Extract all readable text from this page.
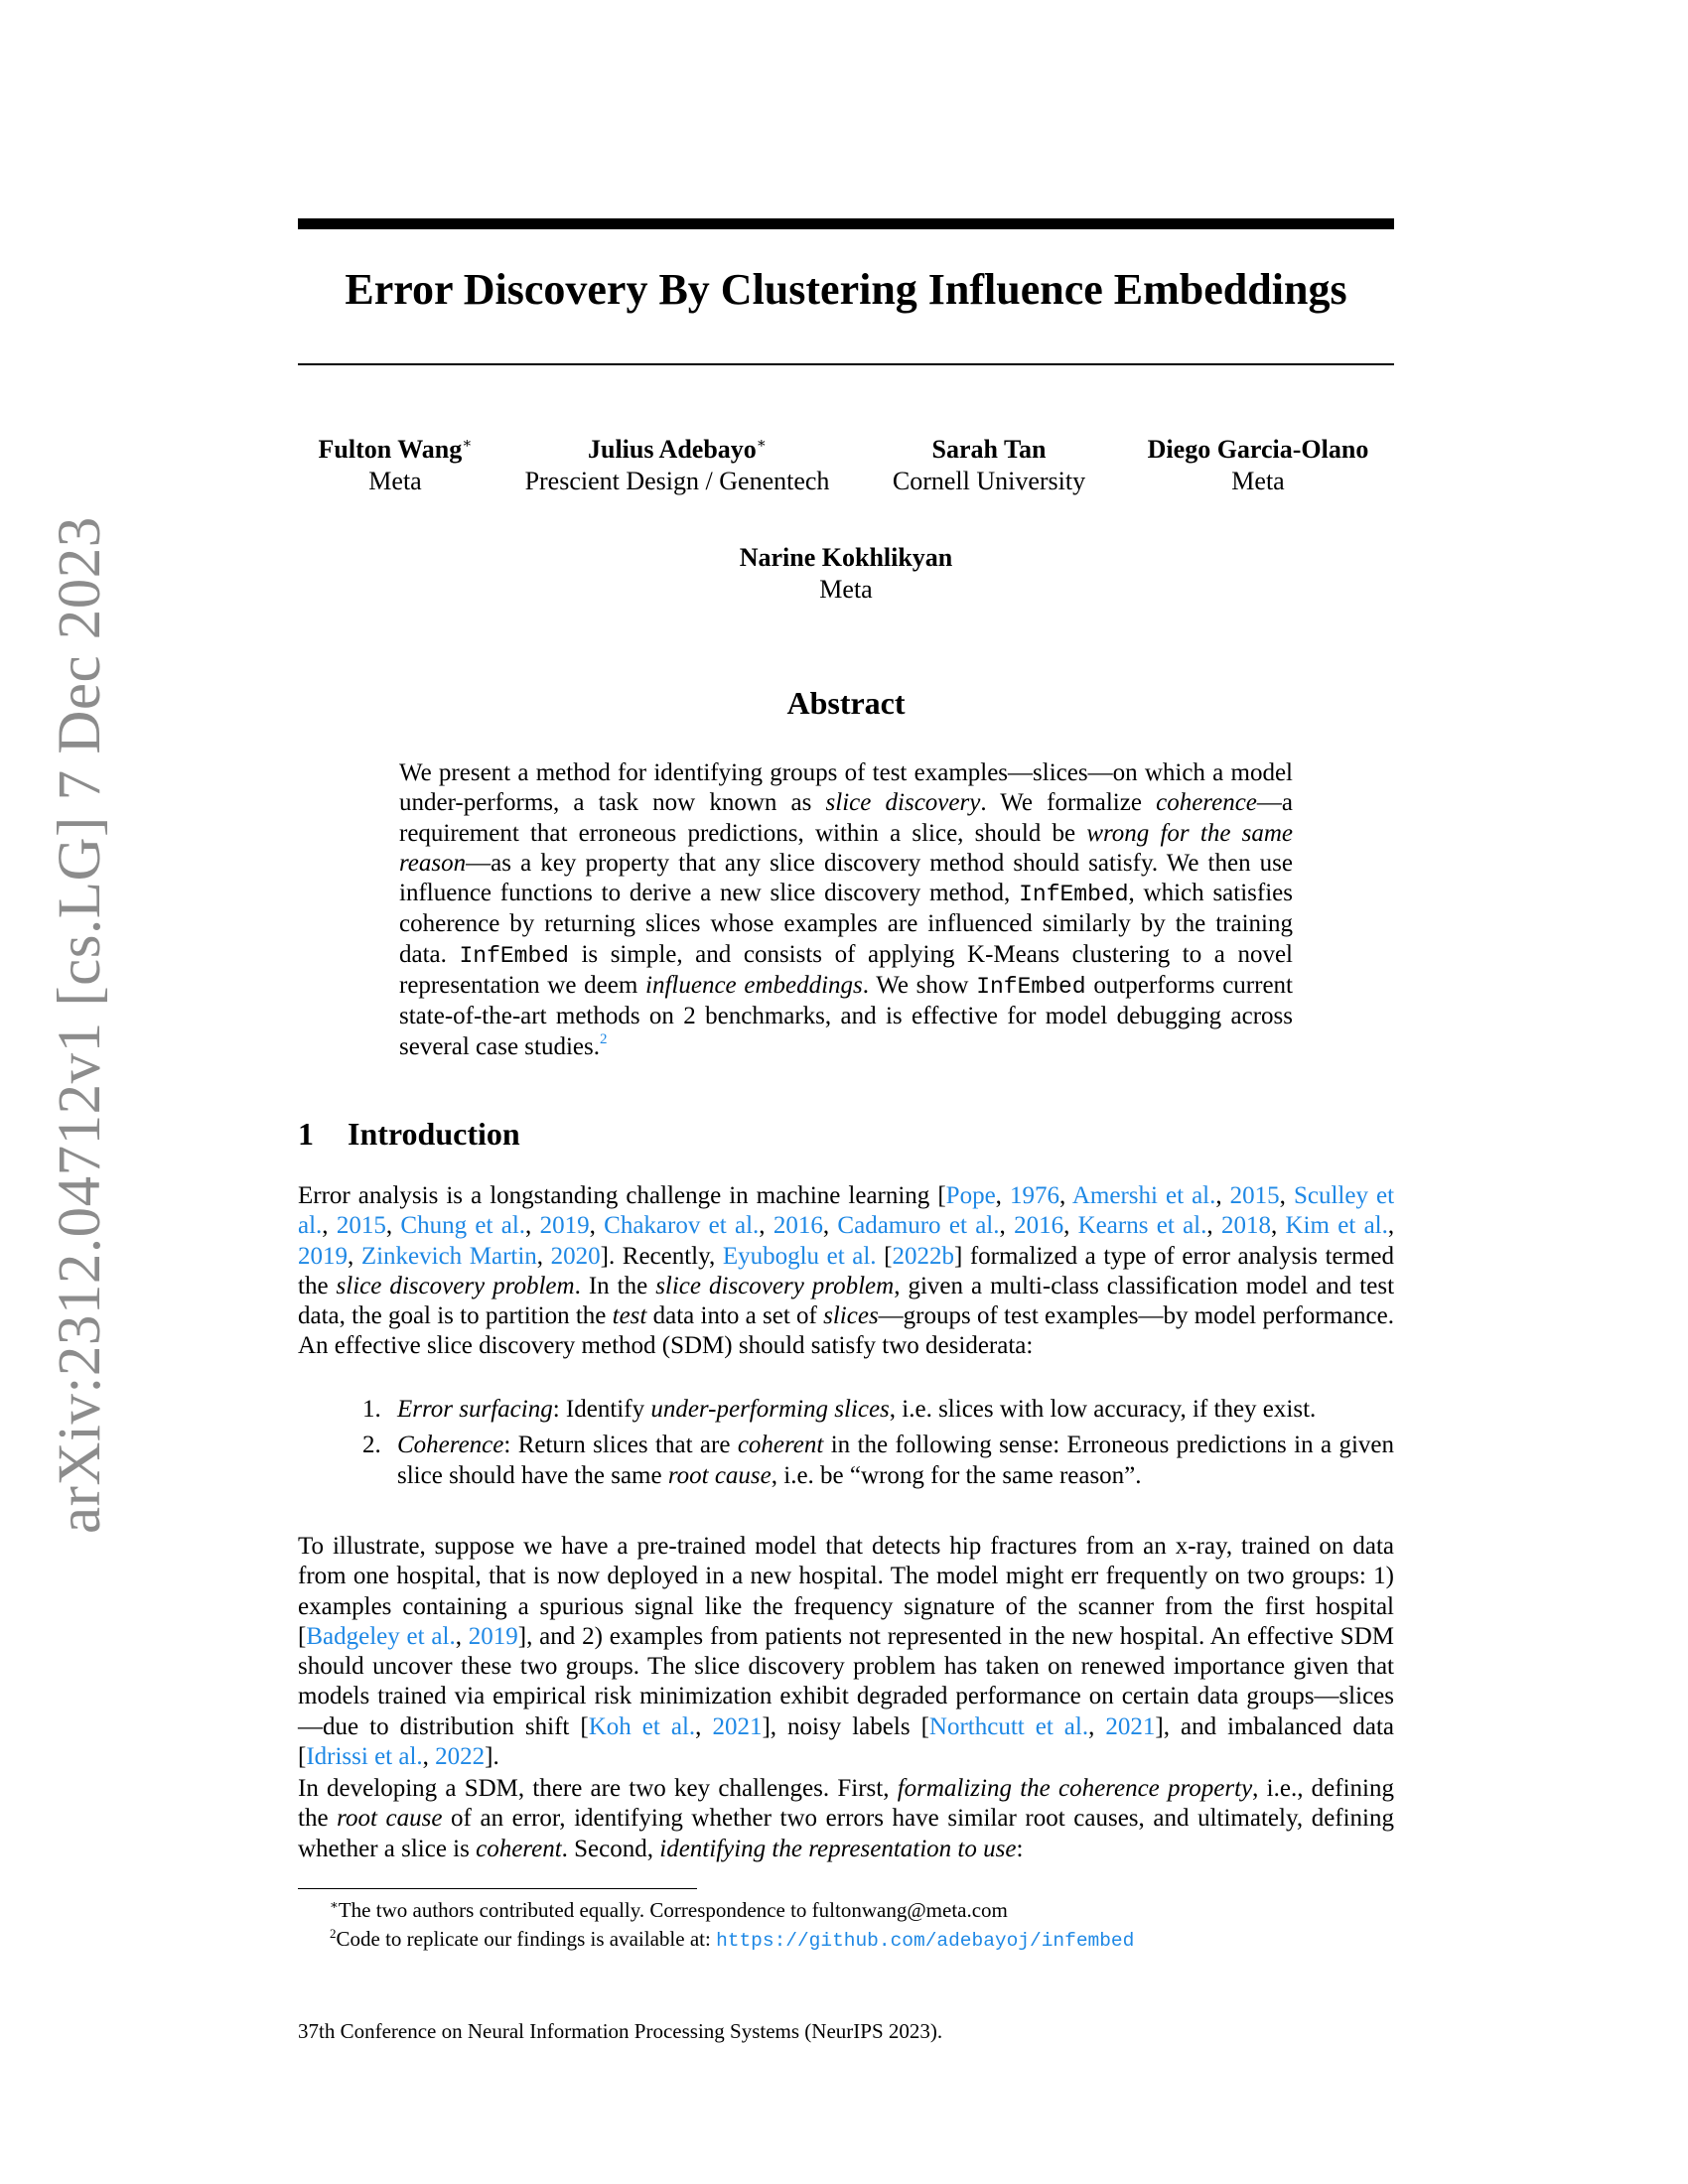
arXiv:2312.04712v1 [cs.LG] 7 Dec 2023
Error Discovery By Clustering Influence Embeddings
Fulton Wang∗
Meta
Julius Adebayo∗
Prescient Design / Genentech
Sarah Tan
Cornell University
Diego Garcia-Olano
Meta
Narine Kokhlikyan
Meta
Abstract
We present a method for identifying groups of test examples—slices—on which a model under-performs, a task now known as slice discovery. We formalize coherence—a requirement that erroneous predictions, within a slice, should be wrong for the same reason—as a key property that any slice discovery method should satisfy. We then use influence functions to derive a new slice discovery method, InfEmbed, which satisfies coherence by returning slices whose examples are influenced similarly by the training data. InfEmbed is simple, and consists of applying K-Means clustering to a novel representation we deem influence embeddings. We show InfEmbed outperforms current state-of-the-art methods on 2 benchmarks, and is effective for model debugging across several case studies.$^2$
1 Introduction

Error analysis is a longstanding challenge in machine learning [Pope, 1976, Amershi et al., 2015, Sculley et al., 2015, Chung et al., 2019, Chakarov et al., 2016, Cadamuro et al., 2016, Kearns et al., 2018, Kim et al., 2019, Zinkevich Martin, 2020]. Recently, Eyuboglu et al. [2022b] formalized a type of error analysis termed the slice discovery problem. In the slice discovery problem, given a multi-class classification model and test data, the goal is to partition the test data into a set of slices—groups of test examples—by model performance. An effective slice discovery method (SDM) should satisfy two desiderata:

1. Error surfacing: Identify under-performing slices, i.e. slices with low accuracy, if they exist.
2. Coherence: Return slices that are coherent in the following sense: Erroneous predictions in a given slice should have the same root cause, i.e. be “wrong for the same reason”.

To illustrate, suppose we have a pre-trained model that detects hip fractures from an x-ray, trained on data from one hospital, that is now deployed in a new hospital. The model might err frequently on two groups: 1) examples containing a spurious signal like the frequency signature of the scanner from the first hospital [Badgeley et al., 2019], and 2) examples from patients not represented in the new hospital. An effective SDM should uncover these two groups. The slice discovery problem has taken on renewed importance given that models trained via empirical risk minimization exhibit degraded performance on certain data groups—slices—due to distribution shift [Koh et al., 2021], noisy labels [Northcutt et al., 2021], and imbalanced data [Idrissi et al., 2022].

In developing a SDM, there are two key challenges. First, formalizing the coherence property, i.e., defining the root cause of an error, identifying whether two errors have similar root causes, and ultimately, defining whether a slice is coherent. Second, identifying the representation to use:

∗The two authors contributed equally. Correspondence to fultonwang@meta.com
$^2$Code to replicate our findings is available at: https://github.com/adebayoj/infembed
37th Conference on Neural Information Processing Systems (NeurIPS 2023).
